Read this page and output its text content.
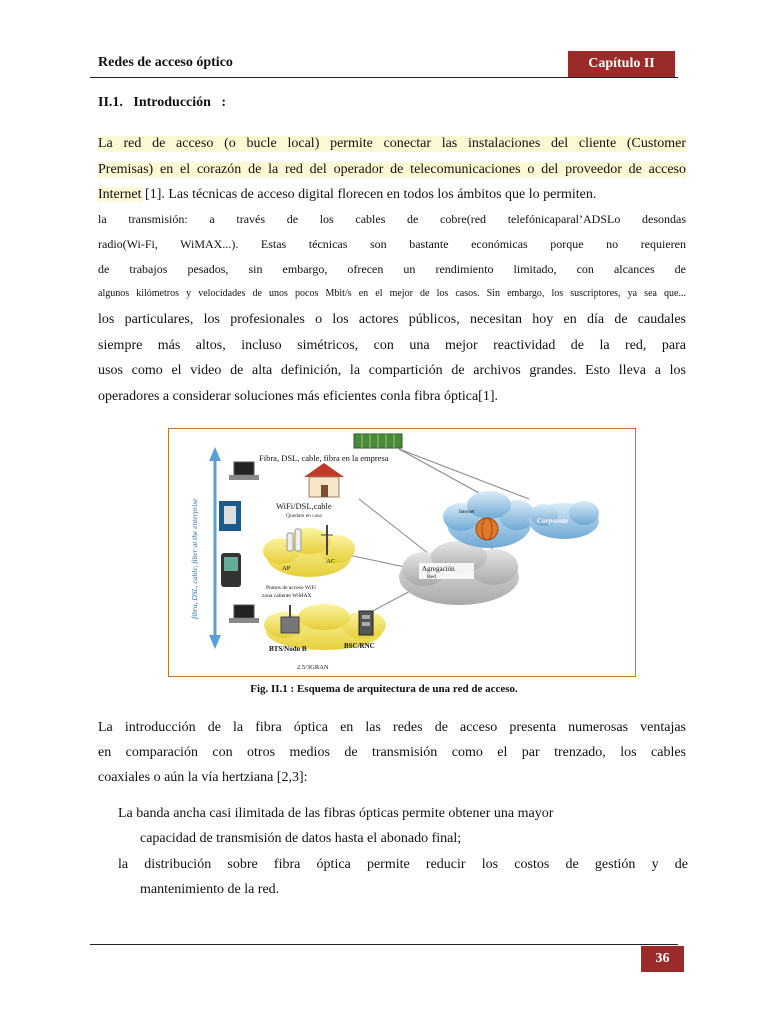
Redes de acceso óptico	Capítulo II
II.1.   Introducción   :
La red de acceso (o bucle local) permite conectar las instalaciones del cliente (Customer
Premisas) en el corazón de la red del operador de telecomunicaciones o del proveedor de acceso
Internet [1]. Las técnicas de acceso digital florecen en todos los ámbitos que lo permiten.
la transmisión: a través de los cables de cobre(red telefónicaparal’ADSLo desondas
radio(Wi-Fi, WiMAX...). Estas técnicas son bastante económicas porque no requieren
de trabajos pesados, sin embargo, ofrecen un rendimiento limitado, con alcances de
algunos kilómetros y velocidades de unos pocos Mbit/s en el mejor de los casos. Sin embargo, los suscriptores, ya sea que...
los particulares, los profesionales o los actores públicos, necesitan hoy en día de caudales
siempre más altos, incluso simétricos, con una mejor reactividad de la red, para
usos como el video de alta definición, la compartición de archivos grandes. Esto lleva a los
operadores a considerar soluciones más eficientes conla fibra óptica[1].
fibra, DSL, cable, fiber at the enterprise
Fibra, DSL, cable, fibra en la empresa
WiFi/DSL,cable
Quedate en casa
AP
AC
Puntos de acceso WiFi
zona caliente WiMAX
Agregación
Red
Internet
Corporate
BTS/Nodo B	BSC/RNC
2.5/3GRAN
Fig. II.1 : Esquema de arquitectura de una red de acceso.
La introducción de la fibra óptica en las redes de acceso presenta numerosas ventajas
en comparación con otros medios de transmisión como el par trenzado, los cables
coaxiales o aún la vía hertziana [2,3]:
La banda ancha casi ilimitada de las fibras ópticas permite obtener una mayor
capacidad de transmisión de datos hasta el abonado final;
la distribución sobre fibra óptica permite reducir los costos de gestión y de
mantenimiento de la red.
36
